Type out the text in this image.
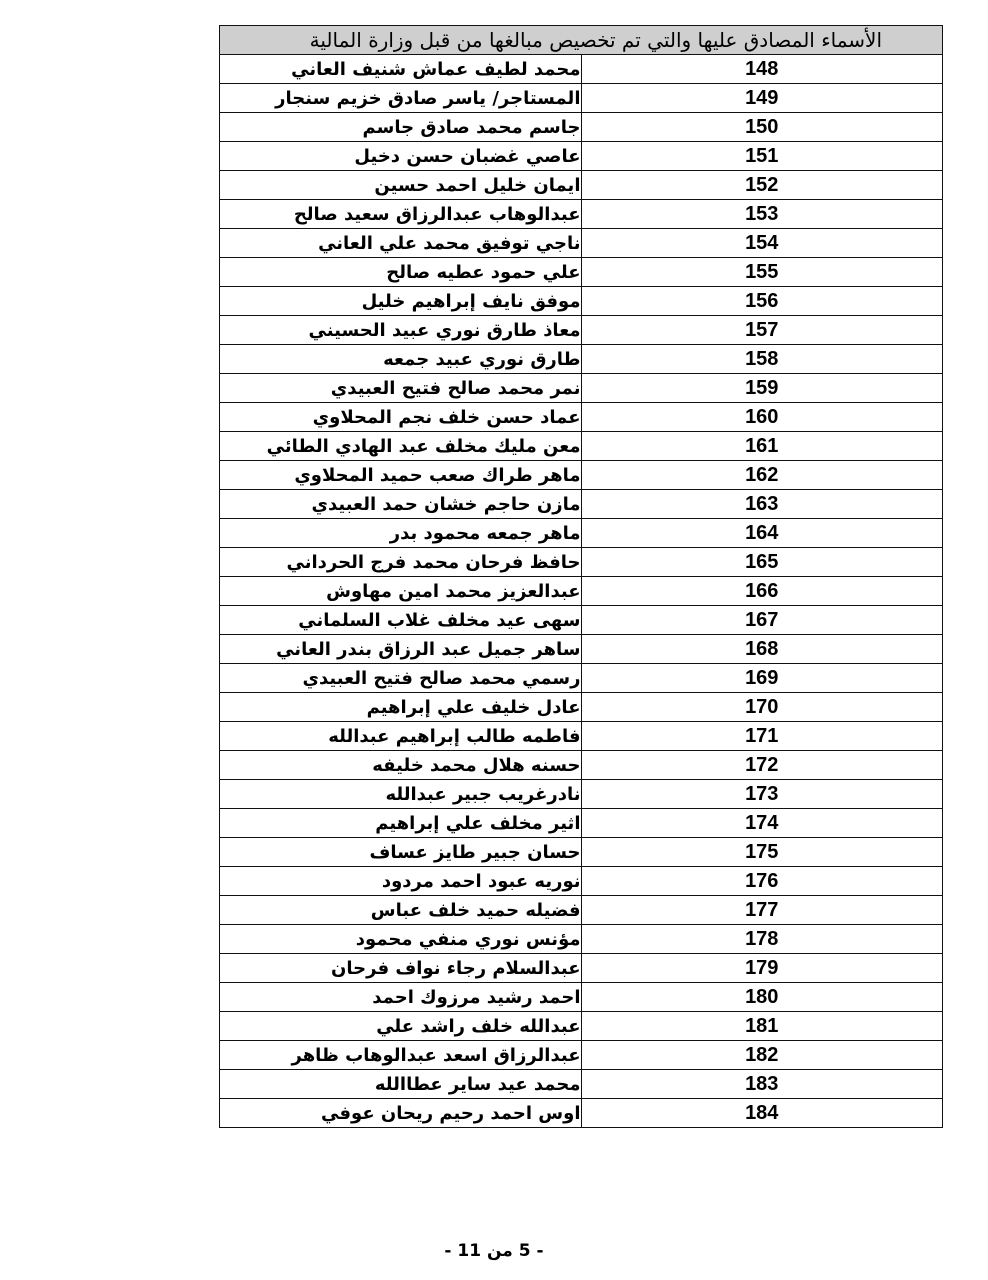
الأسماء المصادق عليها والتي تم تخصيص مبالغها من قبل وزارة المالية	
148	محمد لطيف عماش شنيف العاني
149	المستاجر/ ياسر صادق خزيم سنجار
150	جاسم محمد صادق جاسم
151	عاصي غضبان حسن دخيل
152	ايمان خليل احمد حسين
153	عبدالوهاب عبدالرزاق سعيد صالح
154	ناجي توفيق محمد علي العاني
155	علي حمود عطيه صالح
156	موفق نايف إبراهيم خليل
157	معاذ طارق نوري عبيد الحسيني
158	طارق نوري عبيد جمعه
159	نمر محمد صالح فتيح العبيدي
160	عماد حسن خلف نجم المحلاوي
161	معن مليك مخلف عبد الهادي الطائي
162	ماهر طراك صعب حميد المحلاوي
163	مازن حاجم خشان حمد العبيدي
164	ماهر جمعه محمود بدر
165	حافظ فرحان محمد فرج الحرداني
166	عبدالعزيز محمد امين مهاوش
167	سهى عيد مخلف غلاب السلماني
168	ساهر جميل عبد الرزاق بندر العاني
169	رسمي محمد صالح فتيح العبيدي
170	عادل خليف علي إبراهيم
171	فاطمه طالب إبراهيم عبدالله
172	حسنه هلال محمد خليفه
173	نادرغريب جبير عبدالله
174	اثير مخلف علي إبراهيم
175	حسان جبير طايز عساف
176	نوريه عبود احمد مردود
177	فضيله حميد خلف عباس
178	مؤنس نوري منفي محمود
179	عبدالسلام رجاء نواف فرحان
180	احمد رشيد مرزوك احمد
181	عبدالله خلف راشد علي
182	عبدالرزاق اسعد عبدالوهاب ظاهر
183	محمد عيد ساير عطاالله
184	اوس احمد رحيم ريحان عوفي
- 5 من 11 -
